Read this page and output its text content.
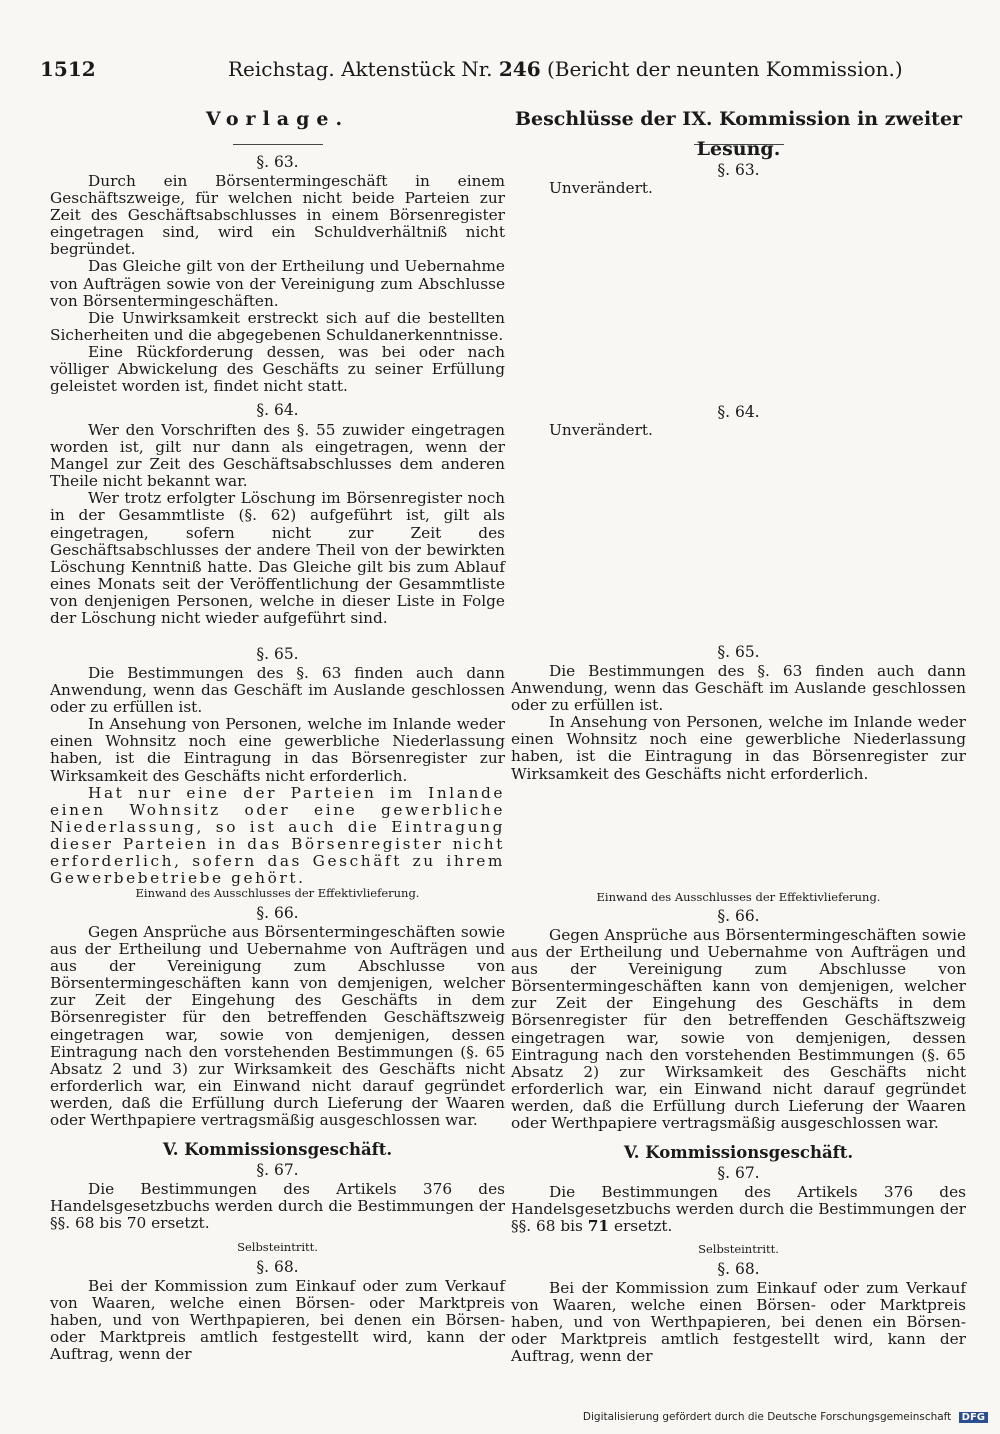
1512	Reichstag. Aktenstück Nr. 246 (Bericht der neunten Kommission.)
Vorlage.
§. 63.

Durch ein Börsentermingeschäft in einem Geschäftszweige, für welchen nicht beide Parteien zur Zeit des Geschäftsabschlusses in einem Börsenregister eingetragen sind, wird ein Schuldverhältniß nicht begründet.

Das Gleiche gilt von der Ertheilung und Uebernahme von Aufträgen sowie von der Vereinigung zum Abschlusse von Börsentermingeschäften.

Die Unwirksamkeit erstreckt sich auf die bestellten Sicherheiten und die abgegebenen Schuldanerkenntnisse.

Eine Rückforderung dessen, was bei oder nach völliger Abwickelung des Geschäfts zu seiner Erfüllung geleistet worden ist, findet nicht statt.

§. 64.

Wer den Vorschriften des §. 55 zuwider eingetragen worden ist, gilt nur dann als eingetragen, wenn der Mangel zur Zeit des Geschäftsabschlusses dem anderen Theile nicht bekannt war.

Wer trotz erfolgter Löschung im Börsenregister noch in der Gesammtliste (§. 62) aufgeführt ist, gilt als eingetragen, sofern nicht zur Zeit des Geschäftsabschlusses der andere Theil von der bewirkten Löschung Kenntniß hatte. Das Gleiche gilt bis zum Ablauf eines Monats seit der Veröffentlichung der Gesammtliste von denjenigen Personen, welche in dieser Liste in Folge der Löschung nicht wieder aufgeführt sind.

§. 65.

Die Bestimmungen des §. 63 finden auch dann Anwendung, wenn das Geschäft im Auslande geschlossen oder zu erfüllen ist.

In Ansehung von Personen, welche im Inlande weder einen Wohnsitz noch eine gewerbliche Niederlassung haben, ist die Eintragung in das Börsenregister zur Wirksamkeit des Geschäfts nicht erforderlich.

Hat nur eine der Parteien im Inlande einen Wohnsitz oder eine gewerbliche Niederlassung, so ist auch die Eintragung dieser Parteien in das Börsenregister nicht erforderlich, sofern das Geschäft zu ihrem Gewerbebetriebe gehört.

Einwand des Ausschlusses der Effektivlieferung.
§. 66.

Gegen Ansprüche aus Börsentermingeschäften sowie aus der Ertheilung und Uebernahme von Aufträgen und aus der Vereinigung zum Abschlusse von Börsentermingeschäften kann von demjenigen, welcher zur Zeit der Eingehung des Geschäfts in dem Börsenregister für den betreffenden Geschäftszweig eingetragen war, sowie von demjenigen, dessen Eintragung nach den vorstehenden Bestimmungen (§. 65 Absatz 2 und 3) zur Wirksamkeit des Geschäfts nicht erforderlich war, ein Einwand nicht darauf gegründet werden, daß die Erfüllung durch Lieferung der Waaren oder Werthpapiere vertragsmäßig ausgeschlossen war.

V. Kommissionsgeschäft.
§. 67.

Die Bestimmungen des Artikels 376 des Handelsgesetzbuchs werden durch die Bestimmungen der §§. 68 bis 70 ersetzt.

Selbsteintritt.
§. 68.

Bei der Kommission zum Einkauf oder zum Verkauf von Waaren, welche einen Börsen- oder Marktpreis haben, und von Werthpapieren, bei denen ein Börsen- oder Marktpreis amtlich festgestellt wird, kann der Auftrag, wenn der

Beschlüsse der IX. Kommission in zweiter Lesung.
§. 63.
Unverändert.
§. 64.
Unverändert.
§. 65.

Die Bestimmungen des §. 63 finden auch dann Anwendung, wenn das Geschäft im Auslande geschlossen oder zu erfüllen ist.

In Ansehung von Personen, welche im Inlande weder einen Wohnsitz noch eine gewerbliche Niederlassung haben, ist die Eintragung in das Börsenregister zur Wirksamkeit des Geschäfts nicht erforderlich.

Einwand des Ausschlusses der Effektivlieferung.
§. 66.

Gegen Ansprüche aus Börsentermingeschäften sowie aus der Ertheilung und Uebernahme von Aufträgen und aus der Vereinigung zum Abschlusse von Börsentermingeschäften kann von demjenigen, welcher zur Zeit der Eingehung des Geschäfts in dem Börsenregister für den betreffenden Geschäftszweig eingetragen war, sowie von demjenigen, dessen Eintragung nach den vorstehenden Bestimmungen (§. 65 Absatz 2) zur Wirksamkeit des Geschäfts nicht erforderlich war, ein Einwand nicht darauf gegründet werden, daß die Erfüllung durch Lieferung der Waaren oder Werthpapiere vertragsmäßig ausgeschlossen war.

V. Kommissionsgeschäft.
§. 67.

Die Bestimmungen des Artikels 376 des Handelsgesetzbuchs werden durch die Bestimmungen der §§. 68 bis 71 ersetzt.

Selbsteintritt.
§. 68.

Bei der Kommission zum Einkauf oder zum Verkauf von Waaren, welche einen Börsen- oder Marktpreis haben, und von Werthpapieren, bei denen ein Börsen- oder Marktpreis amtlich festgestellt wird, kann der Auftrag, wenn der

Digitalisierung gefördert durch die Deutsche Forschungsgemeinschaft DFG
